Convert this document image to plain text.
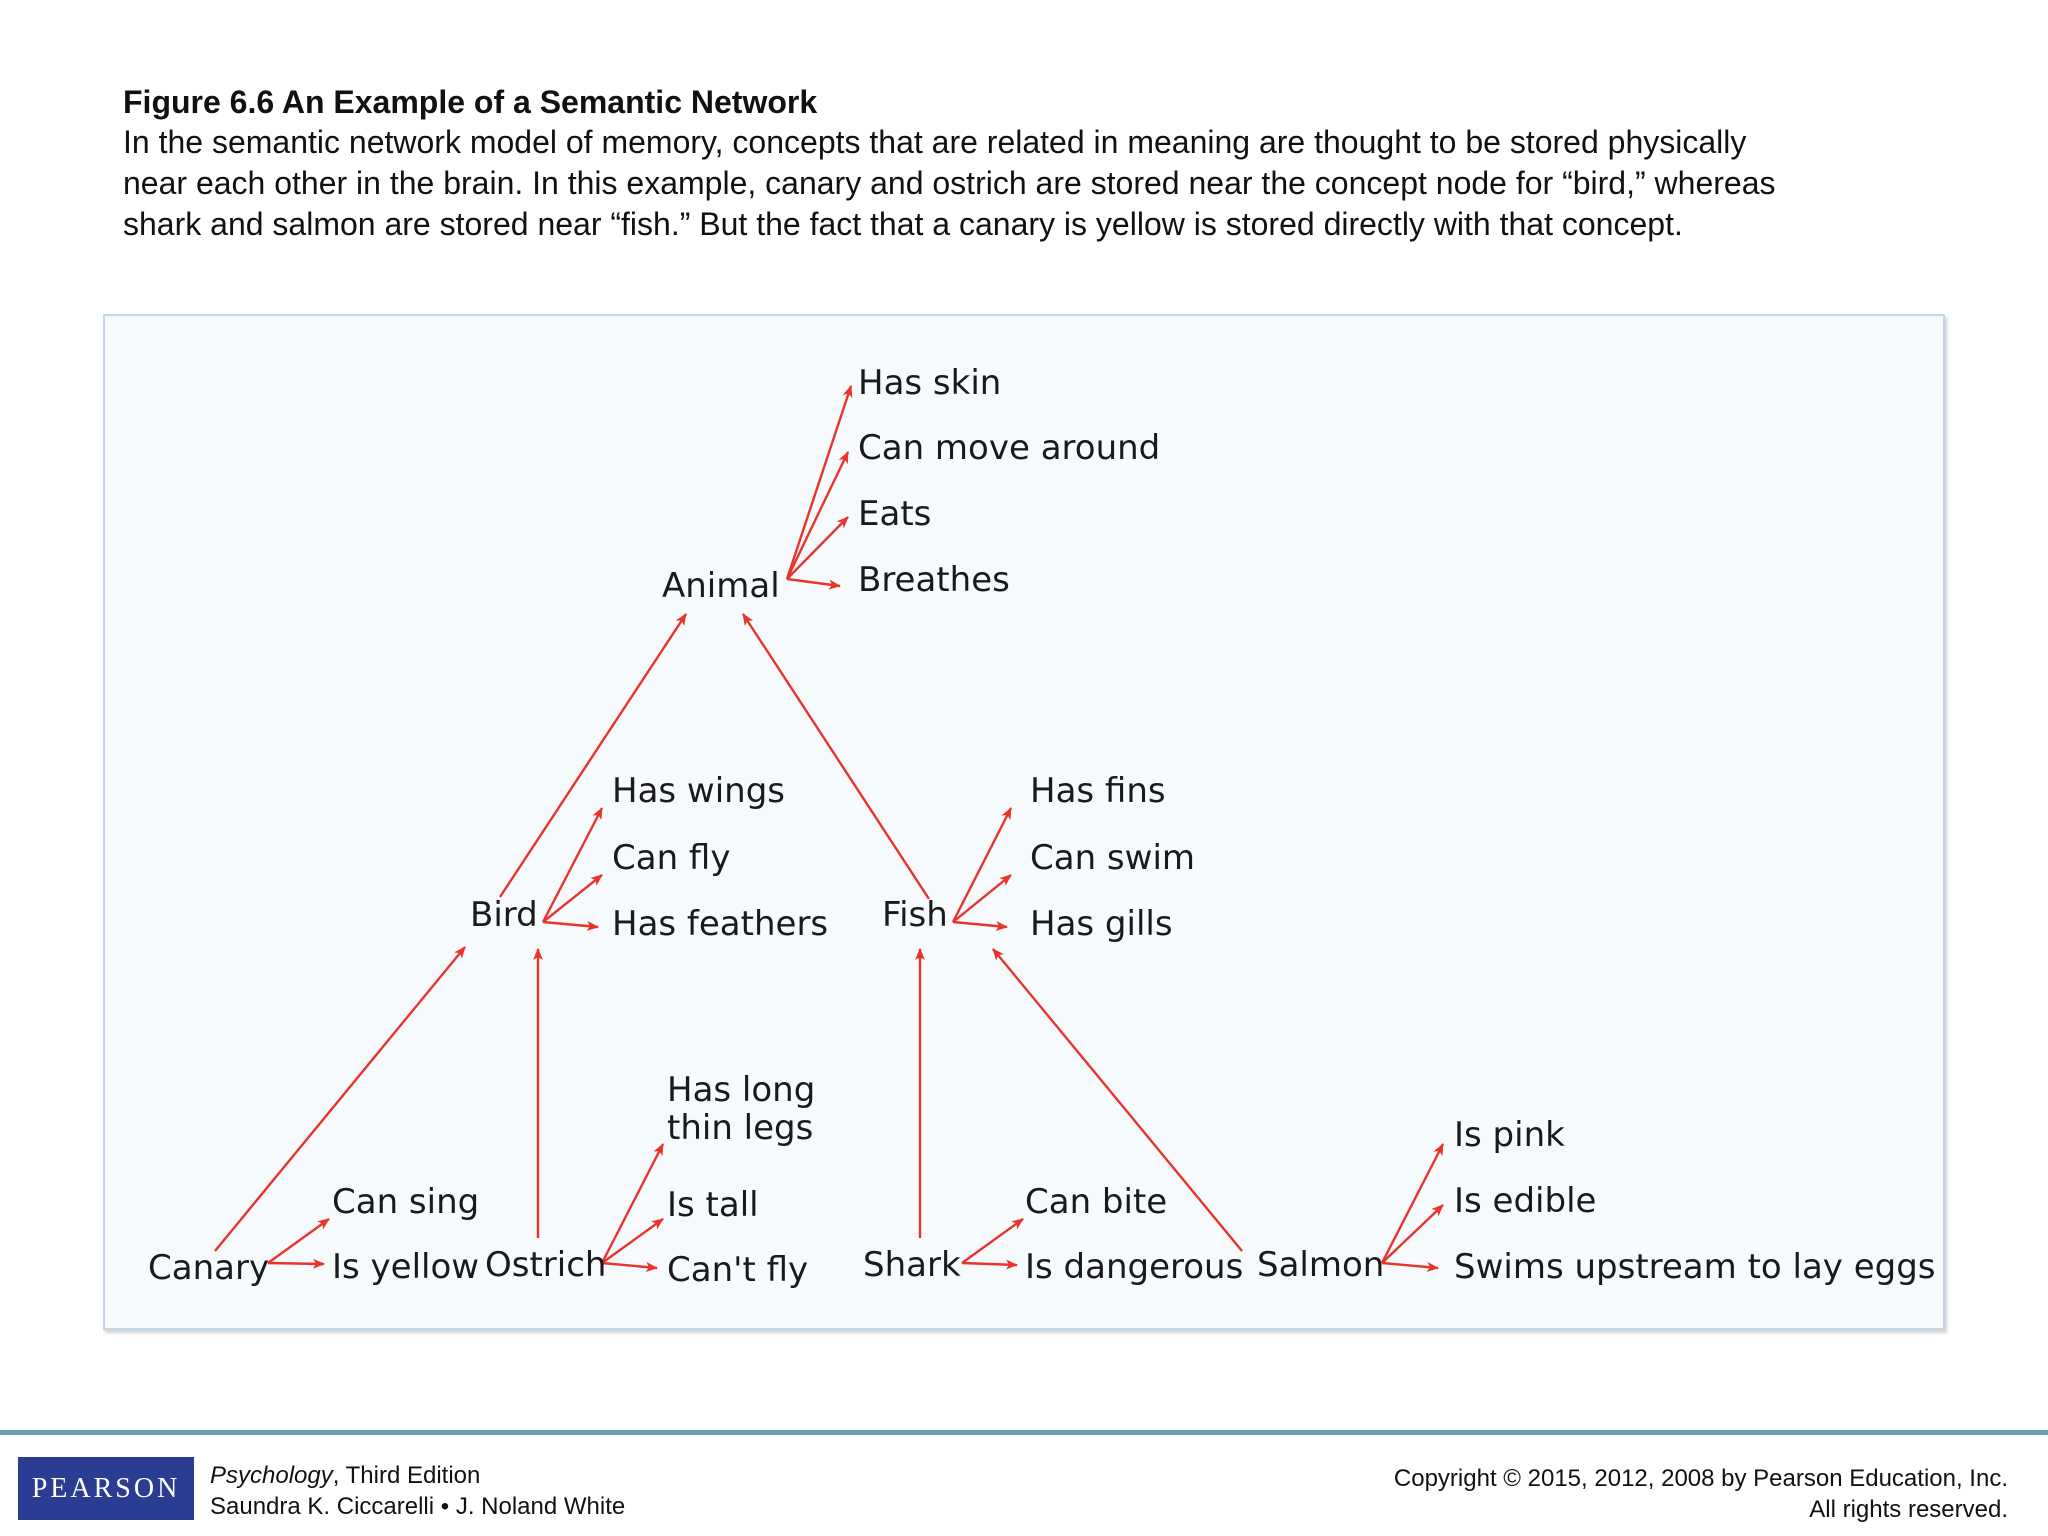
Figure 6.6 An Example of a Semantic Network

In the semantic network model of memory, concepts that are related in meaning are thought to be stored physically

near each other in the brain. In this example, canary and ostrich are stored near the concept node for “bird,” whereas

shark and salmon are stored near “fish.” But the fact that a canary is yellow is stored directly with that concept.

Animal
Bird	Fish
Canary	Ostrich	Shark	Salmon
Has skin
Can move around
Eats
Breathes
Has wings
Can fly
Has feathers
Has fins
Can swim
Has gills
Can sing
Is yellow
Has long
thin legs
Is tall
Can't fly
Can bite
Is dangerous
Is pink
Is edible
Swims upstream to lay eggs
PEARSON	Psychology, Third Edition
Saundra K. Ciccarelli • J. Noland White
Copyright © 2015, 2012, 2008 by Pearson Education, Inc.
All rights reserved.
